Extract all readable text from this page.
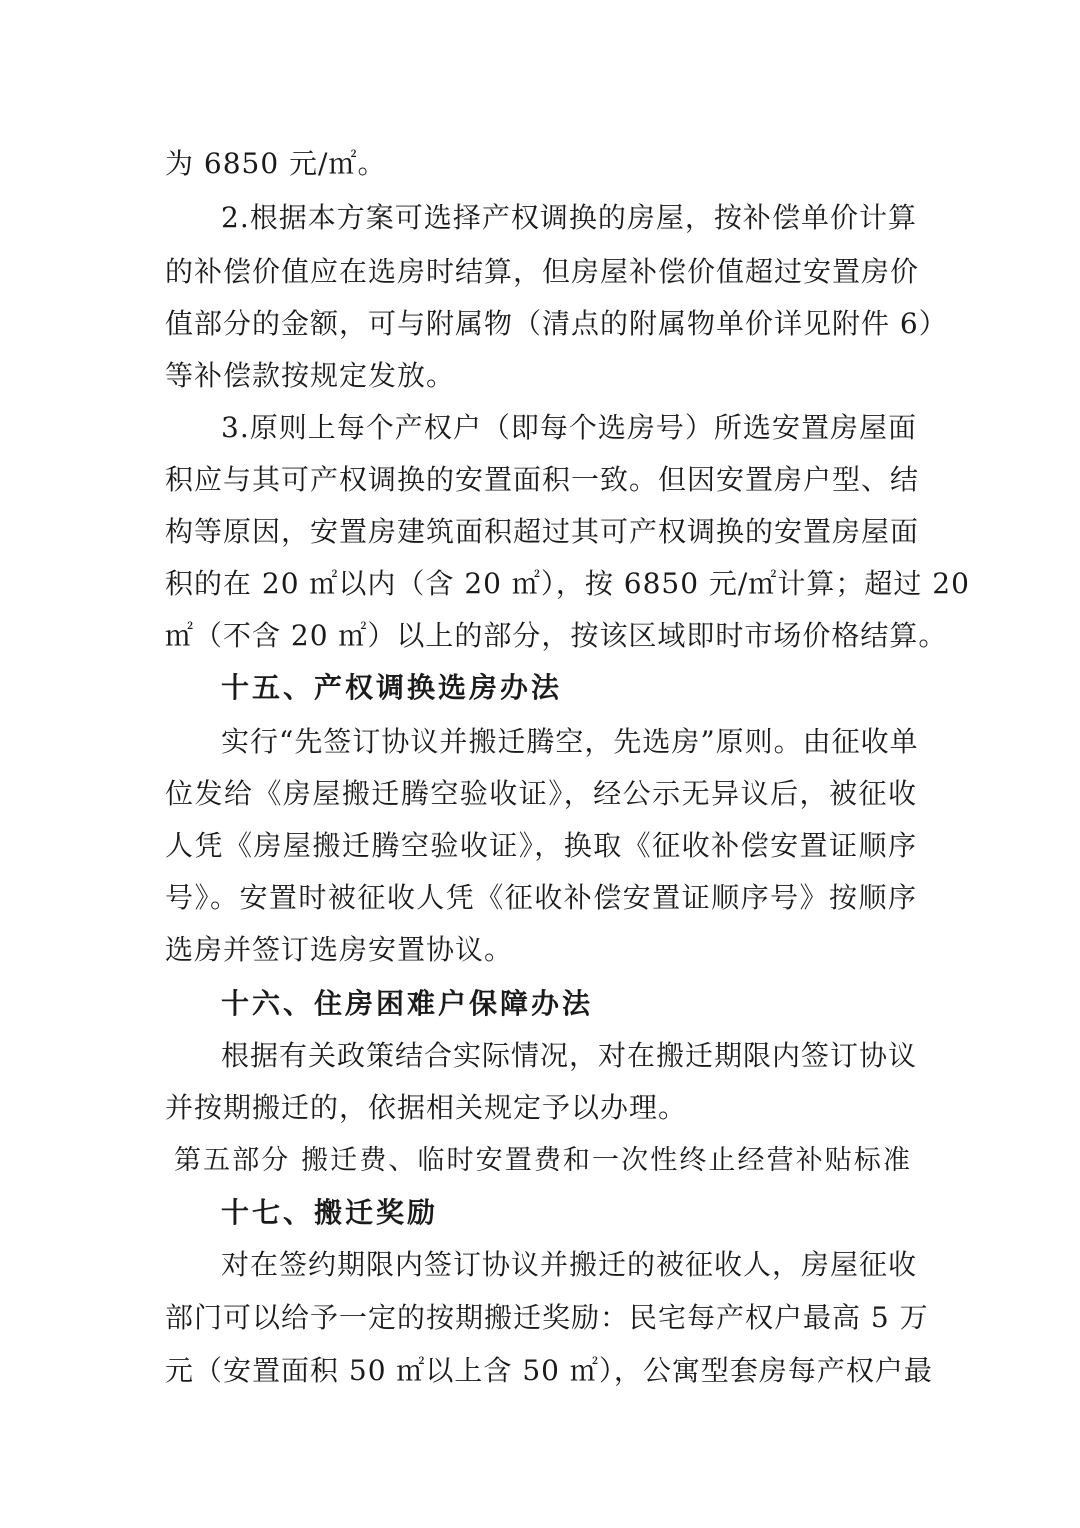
为 6850 元/㎡。
2.根据本方案可选择产权调换的房屋，按补偿单价计算
的补偿价值应在选房时结算，但房屋补偿价值超过安置房价
值部分的金额，可与附属物（清点的附属物单价详见附件 6）
等补偿款按规定发放。
3.原则上每个产权户（即每个选房号）所选安置房屋面
积应与其可产权调换的安置面积一致。但因安置房户型、结
构等原因，安置房建筑面积超过其可产权调换的安置房屋面
积的在 20 ㎡以内（含 20 ㎡），按 6850 元/㎡计算；超过 20
㎡（不含 20 ㎡）以上的部分，按该区域即时市场价格结算。
十五、产权调换选房办法
实行“先签订协议并搬迁腾空，先选房”原则。由征收单
位发给《房屋搬迁腾空验收证》，经公示无异议后，被征收
人凭《房屋搬迁腾空验收证》，换取《征收补偿安置证顺序
号》。安置时被征收人凭《征收补偿安置证顺序号》按顺序
选房并签订选房安置协议。
十六、住房困难户保障办法
根据有关政策结合实际情况，对在搬迁期限内签订协议
并按期搬迁的，依据相关规定予以办理。
第五部分 搬迁费、临时安置费和一次性终止经营补贴标准
十七、搬迁奖励
对在签约期限内签订协议并搬迁的被征收人，房屋征收
部门可以给予一定的按期搬迁奖励：民宅每产权户最高 5 万
元（安置面积 50 ㎡以上含 50 ㎡），公寓型套房每产权户最
